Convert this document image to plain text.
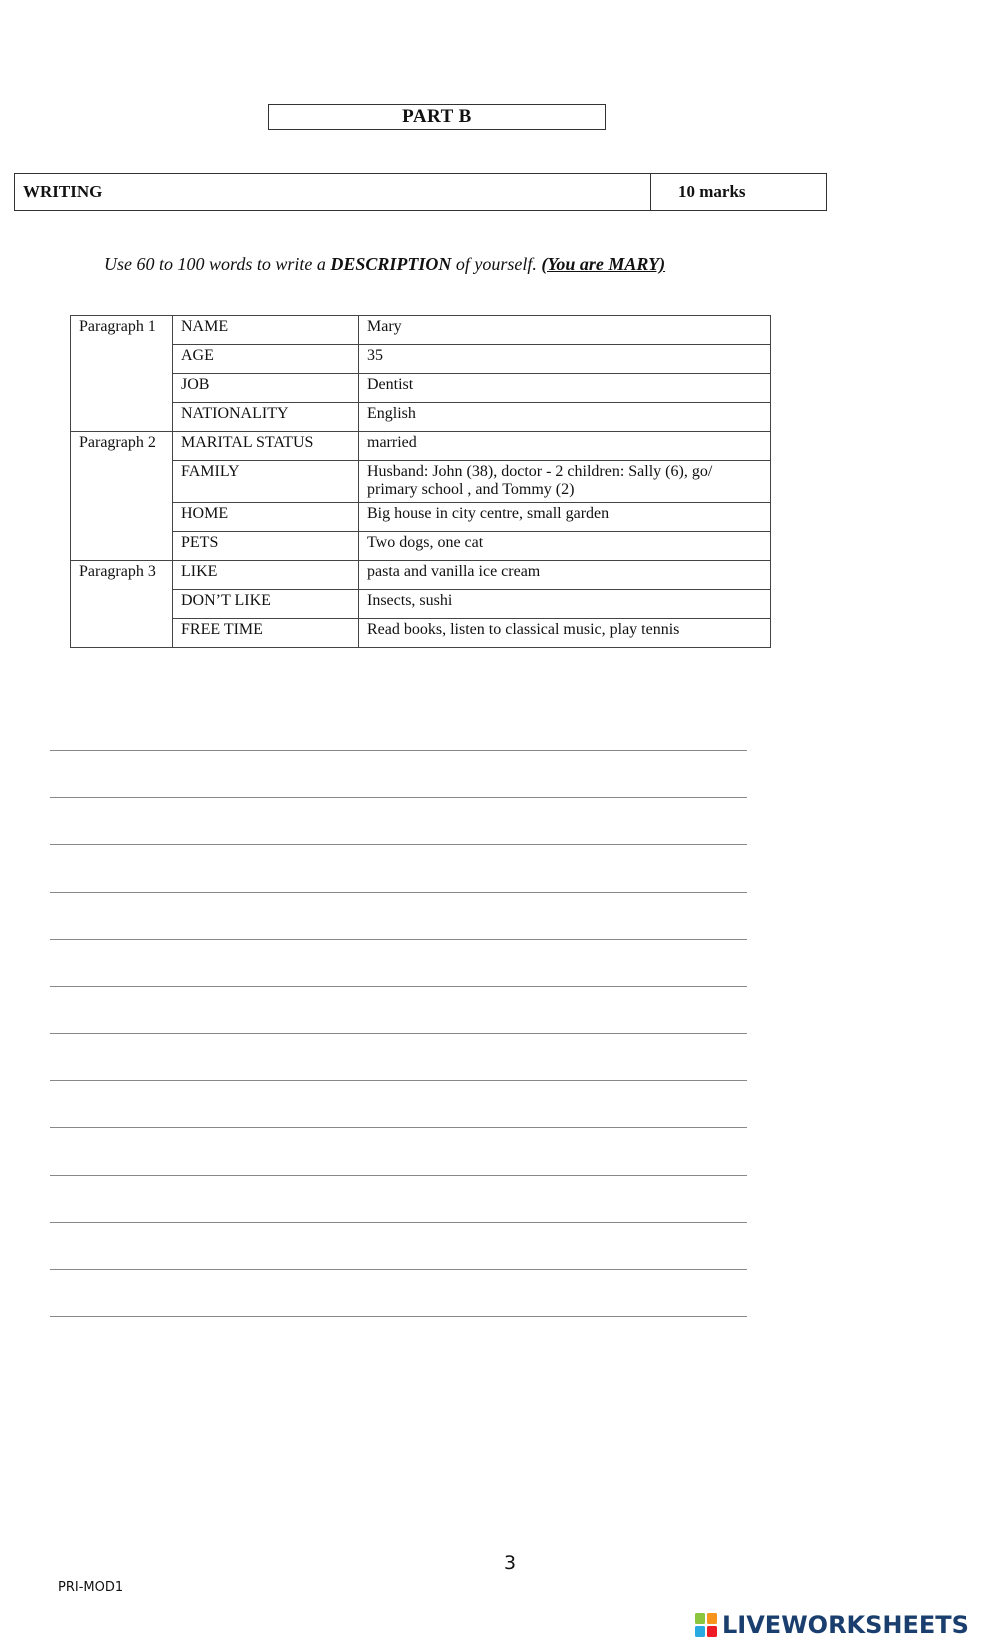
PART B
WRITING	10 marks
Use 60 to 100 words to write a DESCRIPTION of yourself. (You are MARY)
Paragraph 1	NAME	Mary
	AGE	35
	JOB	Dentist
	NATIONALITY	English
Paragraph 2	MARITAL STATUS	married
	FAMILY	Husband: John (38), doctor - 2 children: Sally (6), go/ primary school , and Tommy (2)
	HOME	Big house in city centre, small garden
	PETS	Two dogs, one cat
Paragraph 3	LIKE	pasta and vanilla ice cream
	DON’T LIKE	Insects, sushi
	FREE TIME	Read books, listen to classical music, play tennis
3
PRI-MOD1
LIVEWORKSHEETS
